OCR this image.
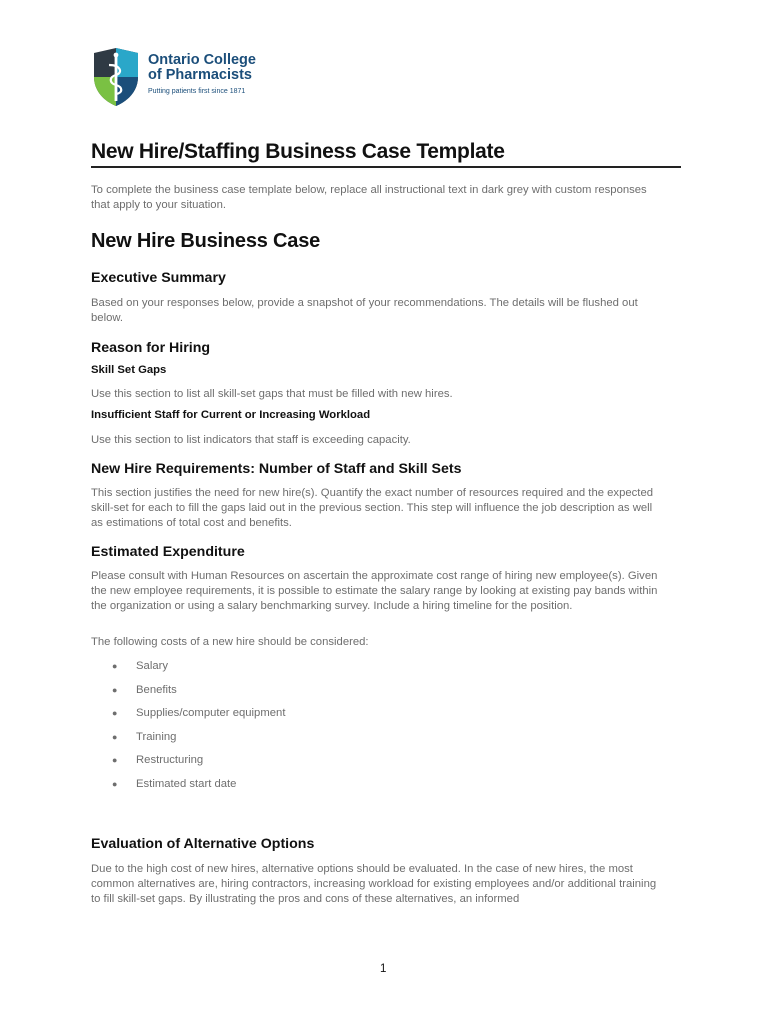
Ontario College
of Pharmacists
Putting patients first since 1871
New Hire/Staffing Business Case Template

To complete the business case template below, replace all instructional text in dark grey with custom responses that apply to your situation.

New Hire Business Case
Executive Summary

Based on your responses below, provide a snapshot of your recommendations. The details will be flushed out below.

Reason for Hiring
Skill Set Gaps

Use this section to list all skill-set gaps that must be filled with new hires.

Insufficient Staff for Current or Increasing Workload

Use this section to list indicators that staff is exceeding capacity.

New Hire Requirements: Number of Staff and Skill Sets

This section justifies the need for new hire(s). Quantify the exact number of resources required and the expected skill-set for each to fill the gaps laid out in the previous section. This step will influence the job description as well as estimations of total cost and benefits.

Estimated Expenditure

Please consult with Human Resources on ascertain the approximate cost range of hiring new employee(s). Given the new employee requirements, it is possible to estimate the salary range by looking at existing pay bands within the organization or using a salary benchmarking survey. Include a hiring timeline for the position.

The following costs of a new hire should be considered:

●	Salary
●	Benefits
●	Supplies/computer equipment
●	Training
●	Restructuring
●	Estimated start date
Evaluation of Alternative Options

Due to the high cost of new hires, alternative options should be evaluated. In the case of new hires, the most common alternatives are, hiring contractors, increasing workload for existing employees and/or additional training to fill skill-set gaps. By illustrating the pros and cons of these alternatives, an informed

1
